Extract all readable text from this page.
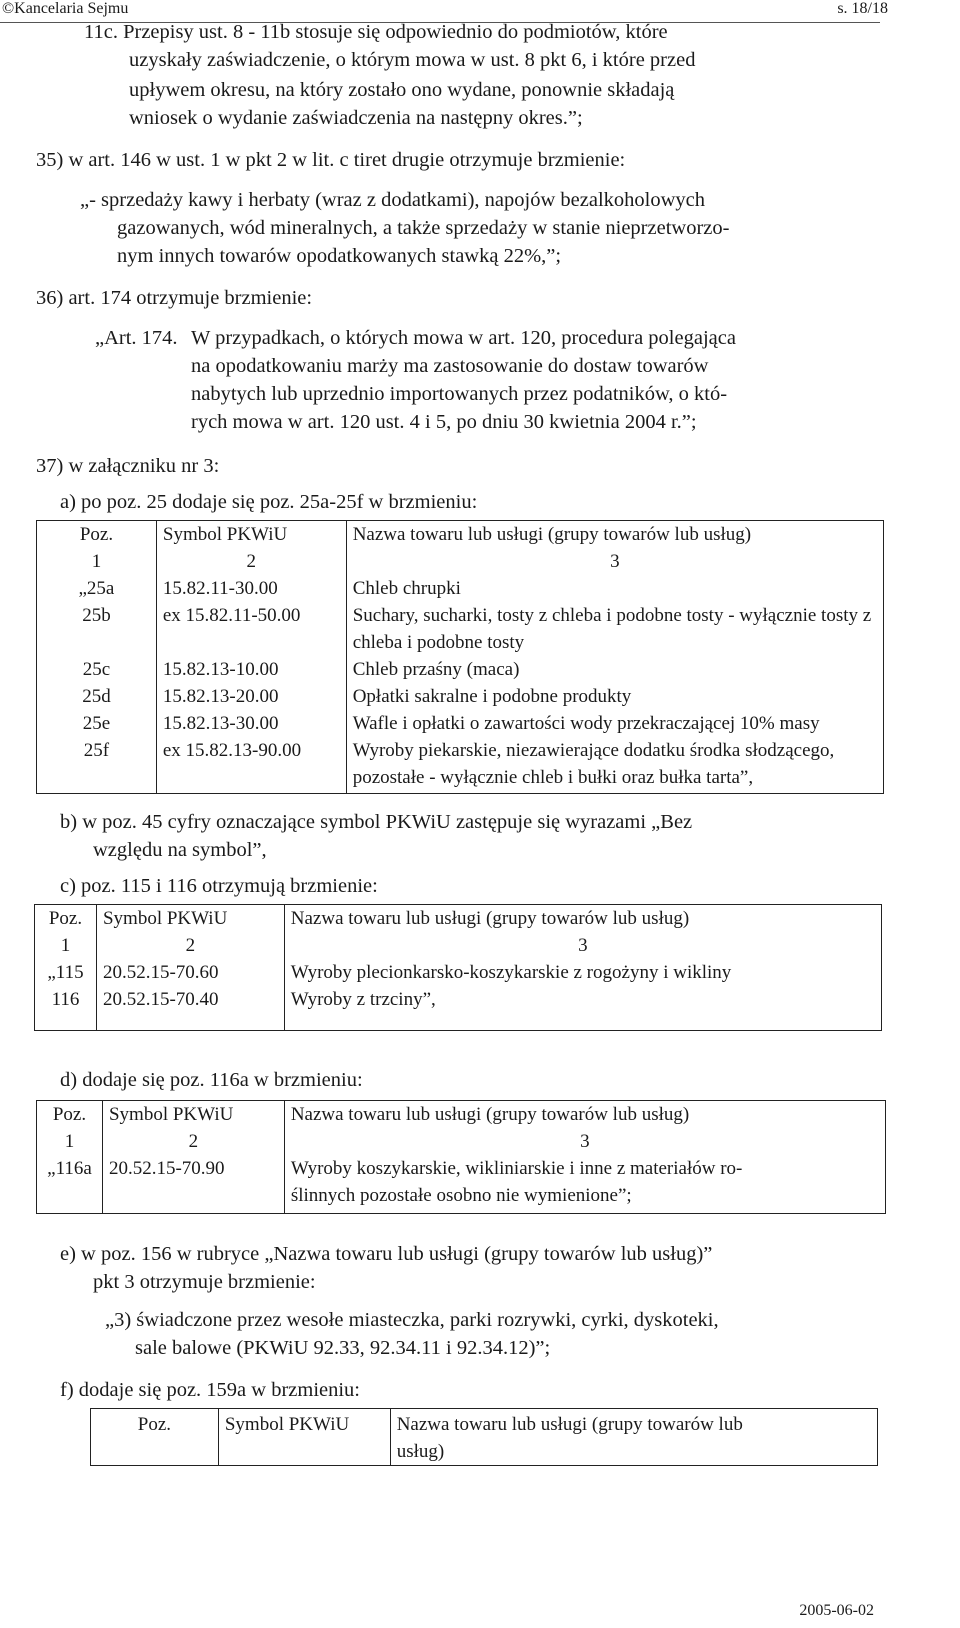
©Kancelaria Sejmu	s. 18/18
11c. Przepisy ust. 8 - 11b stosuje się odpowiednio do podmiotów, które
uzyskały zaświadczenie, o którym mowa w ust. 8 pkt 6, i które przed
upływem okresu, na który zostało ono wydane, ponownie składają
wniosek o wydanie zaświadczenia na następny okres.”;
35) w art. 146 w ust. 1 w pkt 2 w lit. c tiret drugie otrzymuje brzmienie:
„- sprzedaży kawy i herbaty (wraz z dodatkami), napojów bezalkoholowych
gazowanych, wód mineralnych, a także sprzedaży w stanie nieprzetworzo-
nym innych towarów opodatkowanych stawką 22%,”;
36) art. 174 otrzymuje brzmienie:
„Art. 174. W przypadkach, o których mowa w art. 120, procedura polegająca
na opodatkowaniu marży ma zastosowanie do dostaw towarów
nabytych lub uprzednio importowanych przez podatników, o któ-
rych mowa w art. 120 ust. 4 i 5, po dniu 30 kwietnia 2004 r.”;
37) w załączniku nr 3:
a) po poz. 25 dodaje się poz. 25a-25f w brzmieniu:
Poz.	Symbol PKWiU	Nazwa towaru lub usługi (grupy towarów lub usług)
1	2	3
„25a	15.82.11-30.00	Chleb chrupki
25b	ex 15.82.11-50.00	Suchary, sucharki, tosty z chleba i podobne tosty - wyłącznie tosty z chleba i podobne tosty
25c	15.82.13-10.00	Chleb przaśny (maca)
25d	15.82.13-20.00	Opłatki sakralne i podobne produkty
25e	15.82.13-30.00	Wafle i opłatki o zawartości wody przekraczającej 10% masy
25f	ex 15.82.13-90.00	Wyroby piekarskie, niezawierające dodatku środka słodzącego, pozostałe - wyłącznie chleb i bułki oraz bułka tarta”,
b) w poz. 45 cyfry oznaczające symbol PKWiU zastępuje się wyrazami „Bez
względu na symbol”,
c) poz. 115 i 116 otrzymują brzmienie:
Poz.	Symbol PKWiU	Nazwa towaru lub usługi (grupy towarów lub usług)
1	2	3
„115	20.52.15-70.60	Wyroby plecionkarsko-koszykarskie z rogożyny i wikliny
116	20.52.15-70.40	Wyroby z trzciny”,
d) dodaje się poz. 116a w brzmieniu:
Poz.	Symbol PKWiU	Nazwa towaru lub usługi (grupy towarów lub usług)
1	2	3
„116a	20.52.15-70.90	Wyroby koszykarskie, wikliniarskie i inne z materiałów ro-
ślinnych pozostałe osobno nie wymienione”;
e) w poz. 156 w rubryce „Nazwa towaru lub usługi (grupy towarów lub usług)”
pkt 3 otrzymuje brzmienie:
„3) świadczone przez wesołe miasteczka, parki rozrywki, cyrki, dyskoteki,
sale balowe (PKWiU 92.33, 92.34.11 i 92.34.12)”;
f) dodaje się poz. 159a w brzmieniu:
Poz.	Symbol PKWiU	Nazwa towaru lub usługi (grupy towarów lub
usług)
2005-06-02
